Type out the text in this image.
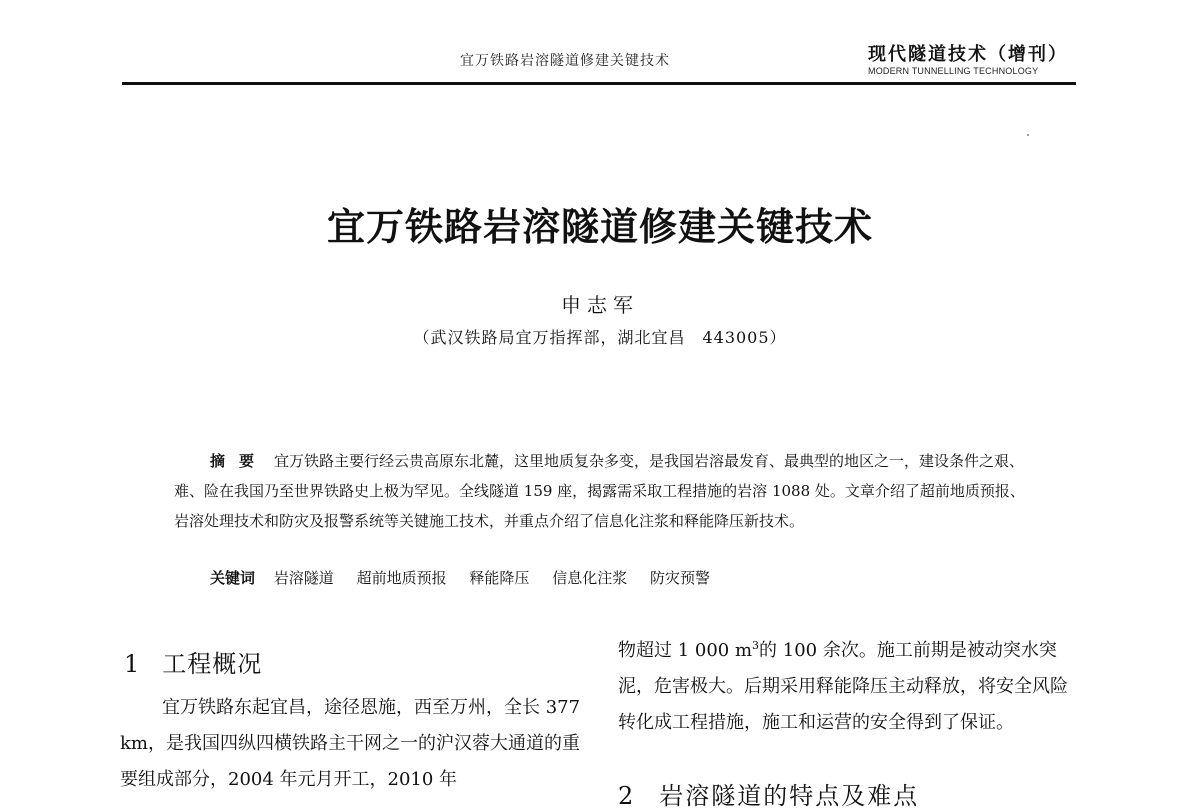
宜万铁路岩溶隧道修建关键技术	现代隧道技术（增刊）
MODERN TUNNELLING TECHNOLOGY
宜万铁路岩溶隧道修建关键技术
申志军
（武汉铁路局宜万指挥部，湖北宜昌　443005）
摘要 宜万铁路主要行经云贵高原东北麓，这里地质复杂多变，是我国岩溶最发育、最典型的地区之一，建设条件之艰、难、险在我国乃至世界铁路史上极为罕见。全线隧道 159 座，揭露需采取工程措施的岩溶 1088 处。文章介绍了超前地质预报、岩溶处理技术和防灾及报警系统等关键施工技术，并重点介绍了信息化注浆和释能降压新技术。
关键词 岩溶隧道 超前地质预报 释能降压 信息化注浆 防灾预警
1 工程概况
宜万铁路东起宜昌，途径恩施，西至万州，全长 377 km，是我国四纵四横铁路主干网之一的沪汉蓉大通道的重要组成部分，2004 年元月开工，2010 年
物超过 1 000 $m^3$的 100 余次。施工前期是被动突水突泥，危害极大。后期采用释能降压主动释放，将安全风险转化成工程措施，施工和运营的安全得到了保证。
2 岩溶隧道的特点及难点
